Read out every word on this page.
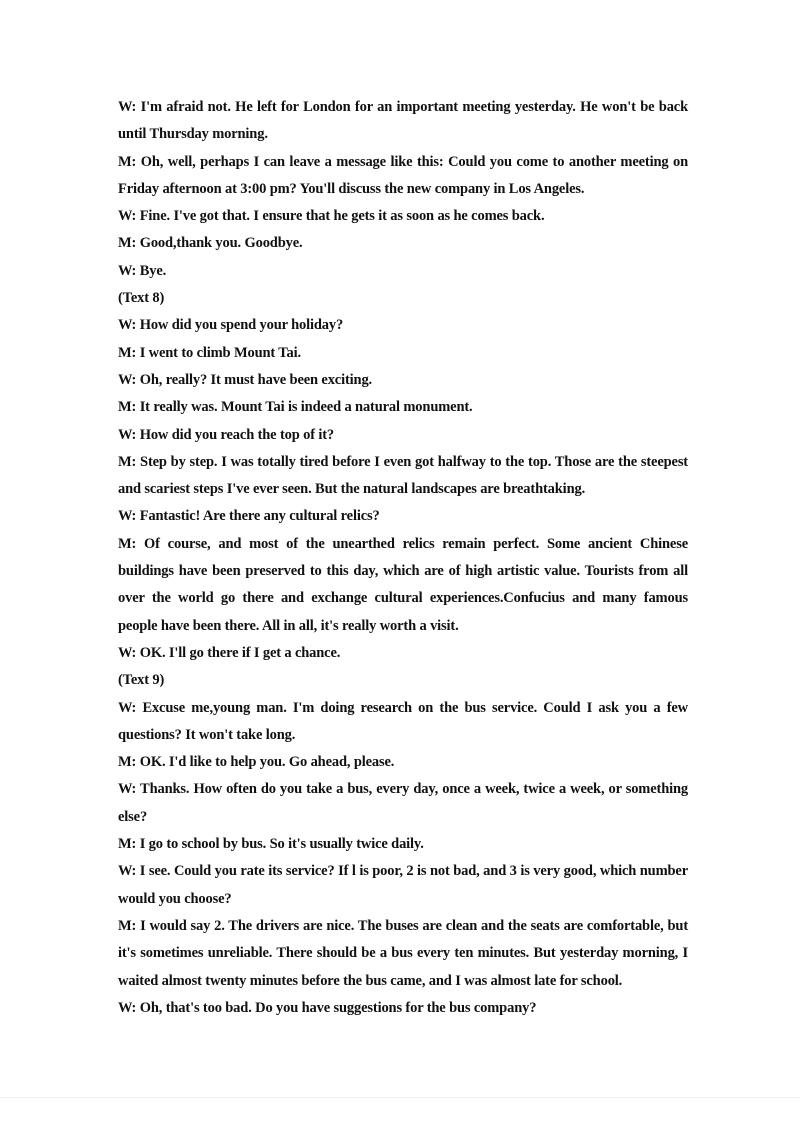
W: I'm afraid not. He left for London for an important meeting yesterday. He won't be back until Thursday morning.

M: Oh, well, perhaps I can leave a message like this: Could you come to another meeting on Friday afternoon at 3:00 pm? You'll discuss the new company in Los Angeles.

W: Fine. I've got that. I ensure that he gets it as soon as he comes back.

M: Good,thank you. Goodbye.

W: Bye.

(Text 8)

W: How did you spend your holiday?

M: I went to climb Mount Tai.

W: Oh, really? It must have been exciting.

M: It really was. Mount Tai is indeed a natural monument.

W: How did you reach the top of it?

M: Step by step. I was totally tired before I even got halfway to the top. Those are the steepest and scariest steps I've ever seen. But the natural landscapes are breathtaking.

W: Fantastic! Are there any cultural relics?

M: Of course, and most of the unearthed relics remain perfect. Some ancient Chinese buildings have been preserved to this day, which are of high artistic value. Tourists from all over the world go there and exchange cultural experiences.Confucius and many famous people have been there. All in all, it's really worth a visit.

W: OK. I'll go there if I get a chance.

(Text 9)

W: Excuse me,young man. I'm doing research on the bus service. Could I ask you a few questions? It won't take long.

M: OK. I'd like to help you. Go ahead, please.

W: Thanks. How often do you take a bus, every day, once a week, twice a week, or something else?

M: I go to school by bus. So it's usually twice daily.

W: I see. Could you rate its service? If l is poor, 2 is not bad, and 3 is very good, which number would you choose?

M: I would say 2. The drivers are nice. The buses are clean and the seats are comfortable, but it's sometimes unreliable. There should be a bus every ten minutes. But yesterday morning, I waited almost twenty minutes before the bus came, and I was almost late for school.

W: Oh, that's too bad. Do you have suggestions for the bus company?
